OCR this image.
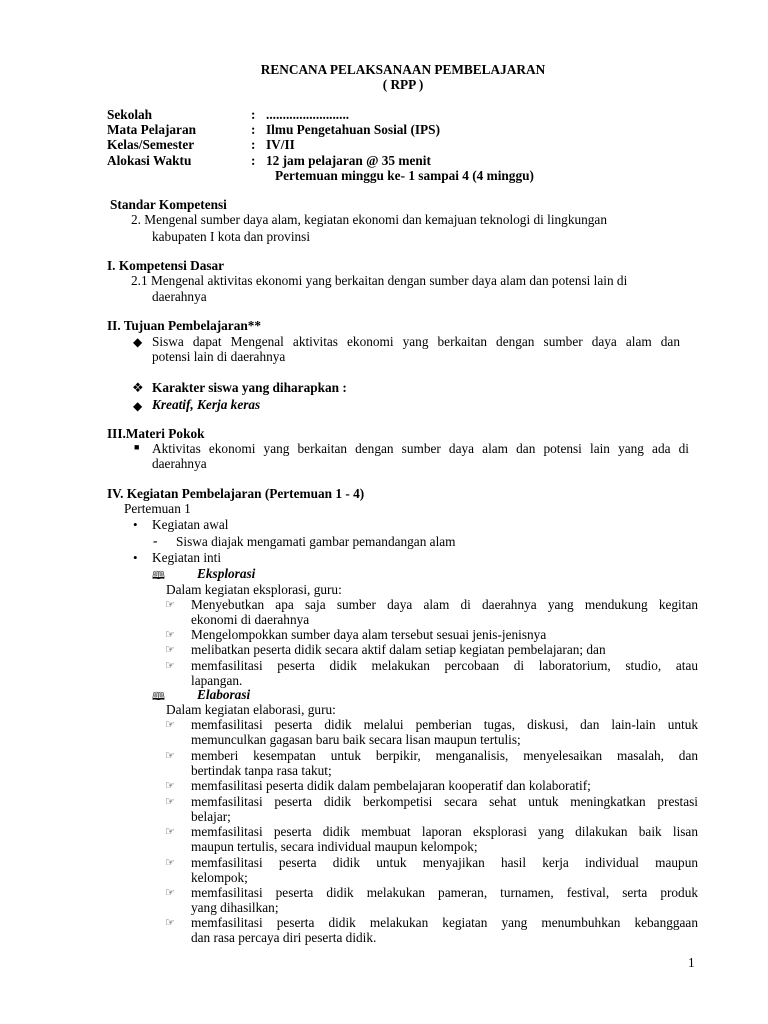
RENCANA PELAKSANAAN PEMBELAJARAN
( RPP )
Sekolah	: .........................
Mata Pelajaran	: Ilmu Pengetahuan Sosial (IPS)
Kelas/Semester	: IV/II
Alokasi Waktu	: 12 jam pelajaran @ 35 menit
Pertemuan minggu ke- 1 sampai 4 (4 minggu)
Standar Kompetensi
2. Mengenal sumber daya alam, kegiatan ekonomi dan kemajuan teknologi di lingkungan
kabupaten I kota dan provinsi
I. Kompetensi Dasar
2.1 Mengenal aktivitas ekonomi yang berkaitan dengan sumber daya alam dan potensi lain di
daerahnya
II. Tujuan Pembelajaran**
◆ Siswa dapat Mengenal aktivitas ekonomi yang berkaitan dengan sumber daya alam dan
potensi lain di daerahnya
❖ Karakter siswa yang diharapkan :
◆ Kreatif, Kerja keras
III.Materi Pokok
■ Aktivitas ekonomi yang berkaitan dengan sumber daya alam dan potensi lain yang ada di
daerahnya
IV. Kegiatan Pembelajaran (Pertemuan 1 - 4)
Pertemuan 1
• Kegiatan awal
- Siswa diajak mengamati gambar pemandangan alam
• Kegiatan inti
🕮 Eksplorasi
Dalam kegiatan eksplorasi, guru:
☞ Menyebutkan apa saja sumber daya alam di daerahnya yang mendukung kegitan
ekonomi di daerahnya
☞ Mengelompokkan sumber daya alam tersebut sesuai jenis-jenisnya
☞ melibatkan peserta didik secara aktif dalam setiap kegiatan pembelajaran; dan
☞ memfasilitasi peserta didik melakukan percobaan di laboratorium, studio, atau
lapangan.
🕮 Elaborasi
Dalam kegiatan elaborasi, guru:
☞ memfasilitasi peserta didik melalui pemberian tugas, diskusi, dan lain-lain untuk
memunculkan gagasan baru baik secara lisan maupun tertulis;
☞ memberi kesempatan untuk berpikir, menganalisis, menyelesaikan masalah, dan
bertindak tanpa rasa takut;
☞ memfasilitasi peserta didik dalam pembelajaran kooperatif dan kolaboratif;
☞ memfasilitasi peserta didik berkompetisi secara sehat untuk meningkatkan prestasi
belajar;
☞ memfasilitasi peserta didik membuat laporan eksplorasi yang dilakukan baik lisan
maupun tertulis, secara individual maupun kelompok;
☞ memfasilitasi peserta didik untuk menyajikan hasil kerja individual maupun
kelompok;
☞ memfasilitasi peserta didik melakukan pameran, turnamen, festival, serta produk
yang dihasilkan;
☞ memfasilitasi peserta didik melakukan kegiatan yang menumbuhkan kebanggaan
dan rasa percaya diri peserta didik.
1
